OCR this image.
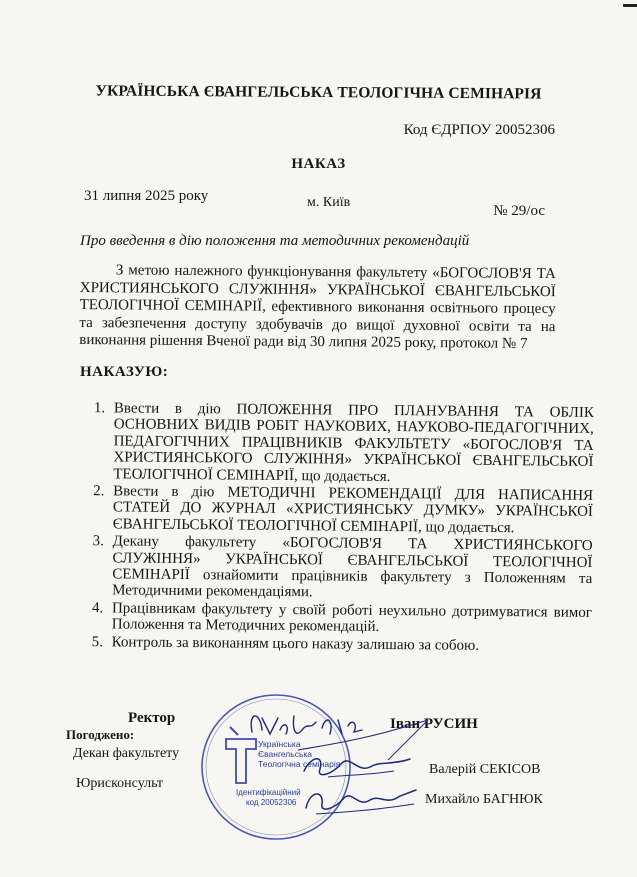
УКРАЇНСЬКА ЄВАНГЕЛЬСЬКА ТЕОЛОГІЧНА СЕМІНАРІЯ
Код ЄДРПОУ 20052306
НАКАЗ
31 липня 2025 року	м. Київ
№ 29/ос
Про введення в дію положення та методичних рекомендацій
З метою належного функціонування факультету «БОГОСЛОВ'Я ТА ХРИСТИЯНСЬКОГО СЛУЖІННЯ» УКРАЇНСЬКОЇ ЄВАНГЕЛЬСЬКОЇ ТЕОЛОГІЧНОЇ СЕМІНАРІЇ, ефективного виконання освітнього процесу та забезпечення доступу здобувачів до вищої духовної освіти та на виконання рішення Вченої ради від 30 липня 2025 року, протокол № 7
НАКАЗУЮ:
1. Ввести в дію ПОЛОЖЕННЯ ПРО ПЛАНУВАННЯ ТА ОБЛІК ОСНОВНИХ ВИДІВ РОБІТ НАУКОВИХ, НАУКОВО-ПЕДАГОГІЧНИХ, ПЕДАГОГІЧНИХ ПРАЦІВНИКІВ ФАКУЛЬТЕТУ «БОГОСЛОВ'Я ТА ХРИСТИЯНСЬКОГО СЛУЖІННЯ» УКРАЇНСЬКОЇ ЄВАНГЕЛЬСЬКОЇ ТЕОЛОГІЧНОЇ СЕМІНАРІЇ, що додається.
2. Ввести в дію МЕТОДИЧНІ РЕКОМЕНДАЦІЇ ДЛЯ НАПИСАННЯ СТАТЕЙ ДО ЖУРНАЛ «ХРИСТИЯНСЬКУ ДУМКУ» УКРАЇНСЬКОЇ ЄВАНГЕЛЬСЬКОЇ ТЕОЛОГІЧНОЇ СЕМІНАРІЇ, що додається.
3. Декану факультету «БОГОСЛОВ'Я ТА ХРИСТИЯНСЬКОГО СЛУЖІННЯ» УКРАЇНСЬКОЇ ЄВАНГЕЛЬСЬКОЇ ТЕОЛОГІЧНОЇ СЕМІНАРІЇ ознайомити працівників факультету з Положенням та Методичними рекомендаціями.
4. Працівникам факультету у своїй роботі неухильно дотримуватися вимог Положення та Методичних рекомендацій.
5. Контроль за виконанням цього наказу залишаю за собою.
Ректор
Погоджено:
Декан факультету
Юрисконсульт
Іван РУСИН
Валерій СЕКІСОВ
Михайло БАГНЮК
Українська
Євангельська
Теологічна семінарія
Ідентифікаційний
код 20052306
